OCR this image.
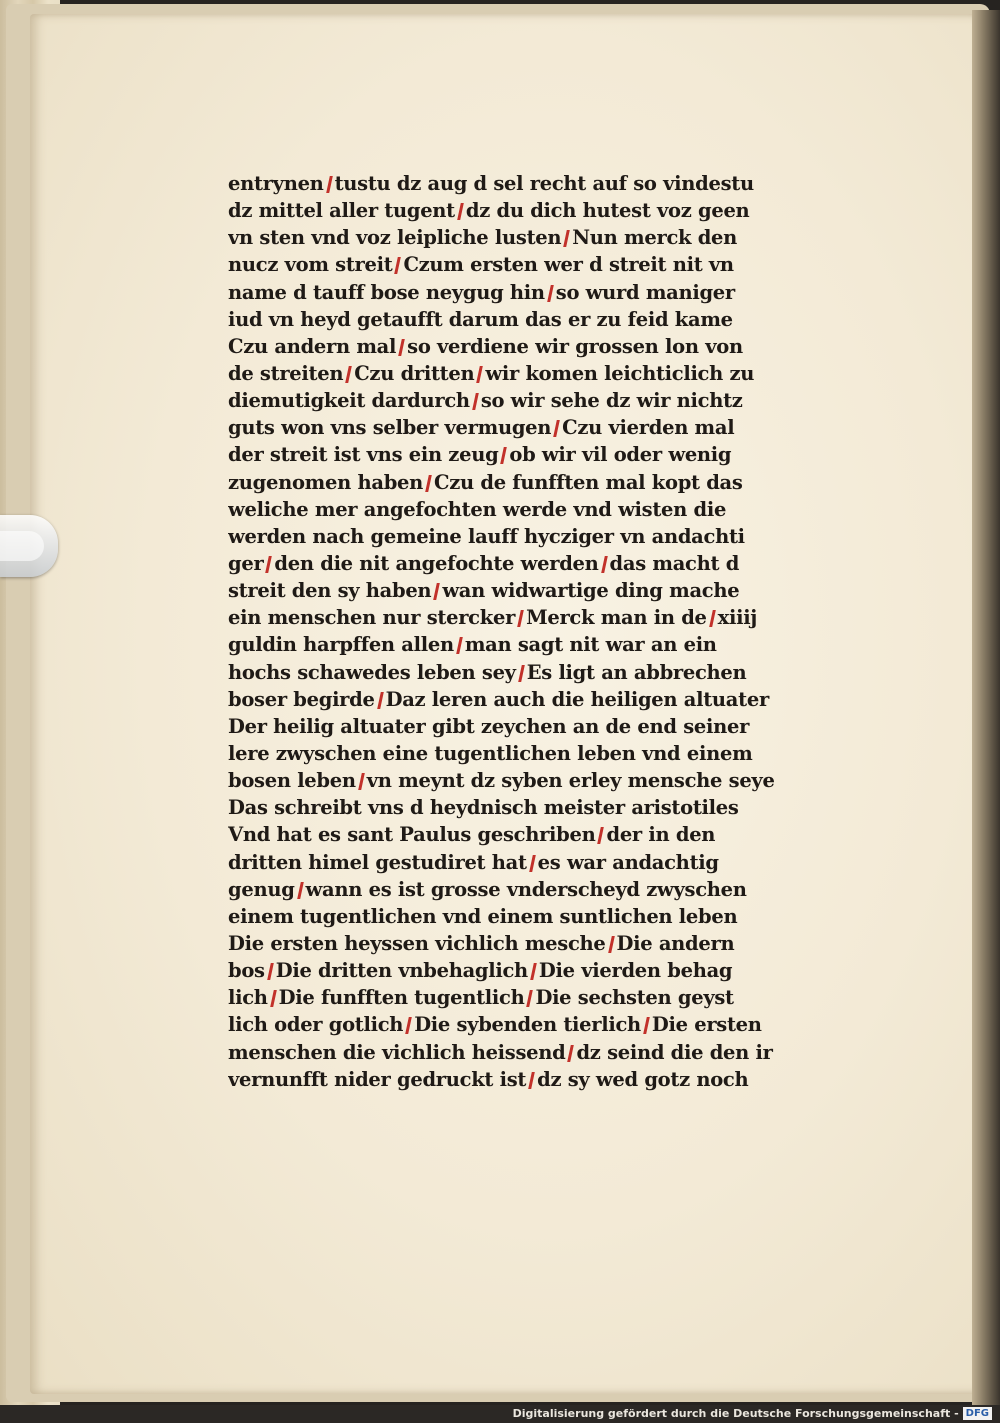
entrynen tustu dz aug d sel recht auf so vindestu
dz mittel aller tugent dz du dich hutest voz geen
vn sten vnd voz leipliche lusten Nun merck den
nucz vom streit Czum ersten wer d streit nit vn
name d tauff bose neygug hin so wurd maniger
iud vn heyd getaufft darum das er zu feid kame
Czu andern mal so verdiene wir grossen lon von
de streiten Czu dritten wir komen leichticlich zu
diemutigkeit dardurch so wir sehe dz wir nichtz
guts won vns selber vermugen Czu vierden mal
der streit ist vns ein zeug ob wir vil oder wenig
zugenomen haben Czu de funfften mal kopt das
weliche mer angefochten werde vnd wisten die
werden nach gemeine lauff hycziger vn andachti
ger den die nit angefochte werden das macht d
streit den sy haben wan widwartige ding mache
ein menschen nur stercker Merck man in de xiiij
guldin harpffen allen man sagt nit war an ein
hochs schawedes leben sey Es ligt an abbrechen
boser begirde Daz leren auch die heiligen altuater
Der heilig altuater gibt zeychen an de end seiner
lere zwyschen eine tugentlichen leben vnd einem
bosen leben vn meynt dz syben erley mensche seye
Das schreibt vns d heydnisch meister aristotiles
Vnd hat es sant Paulus geschriben der in den
dritten himel gestudiret hat es war andachtig
genug wann es ist grosse vnderscheyd zwyschen
einem tugentlichen vnd einem suntlichen leben
Die ersten heyssen vichlich mesche Die andern
bos Die dritten vnbehaglich Die vierden behag
lich Die funfften tugentlich Die sechsten geyst
lich oder gotlich Die sybenden tierlich Die ersten
menschen die vichlich heissend dz seind die den ir
vernunfft nider gedruckt ist dz sy wed gotz noch
Digitalisierung gefördert durch die Deutsche Forschungsgemeinschaft - DFG
